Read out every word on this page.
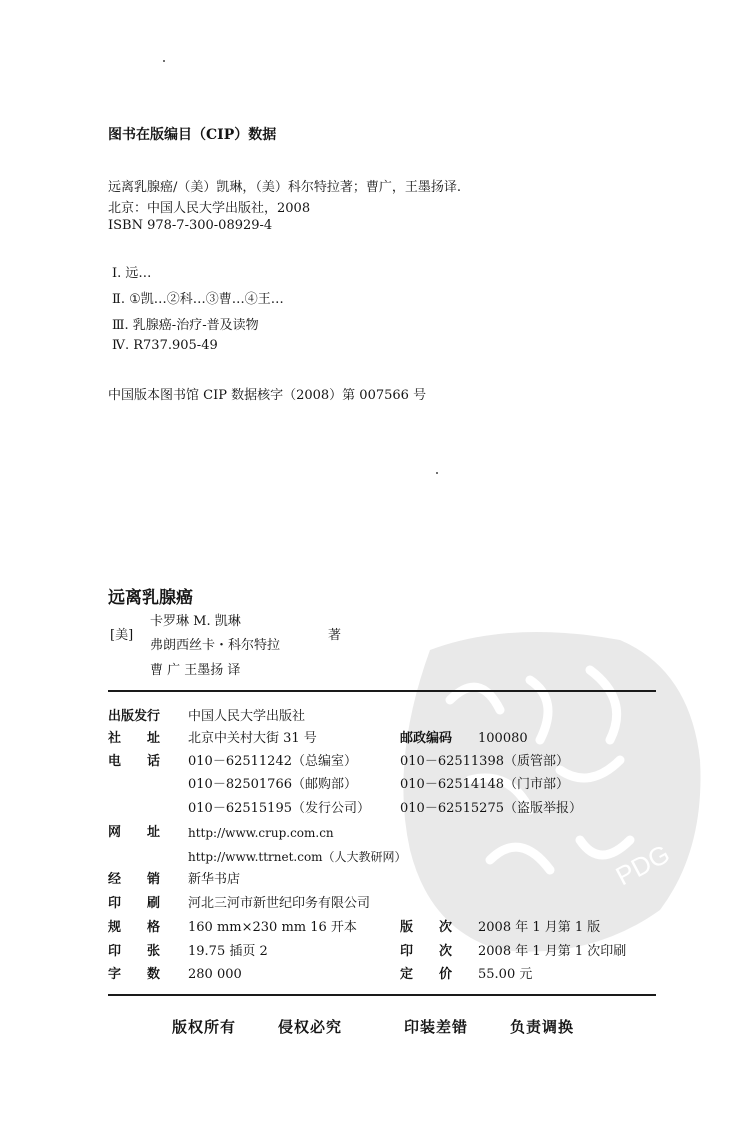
PDG
图书在版编目（CIP）数据
远离乳腺癌/（美）凯琳，（美）科尔特拉著；曹广，王墨扬译.
北京：中国人民大学出版社，2008
ISBN 978-7-300-08929-4
Ⅰ. 远…
Ⅱ. ①凯…②科…③曹…④王…
Ⅲ. 乳腺癌-治疗-普及读物
Ⅳ. R737.905-49
中国版本图书馆 CIP 数据核字（2008）第 007566 号
远离乳腺癌
[美]
卡罗琳 M. 凯琳
弗朗西丝卡・科尔特拉
著
曹 广 王墨扬 译
出版发行 中国人民大学出版社
社　　址 北京中关村大街 31 号	邮政编码 100080
电　　话 010－62511242（总编室）	010－62511398（质管部）
010－82501766（邮购部）	010－62514148（门市部）
010－62515195（发行公司） 010－62515275（盗版举报）
网　　址 http://www.crup.com.cn
http://www.ttrnet.com（人大教研网）
经　　销 新华书店
印　　刷 河北三河市新世纪印务有限公司
规　　格 160 mm×230 mm 16 开本	版　　次 2008 年 1 月第 1 版
印　　张 19.75 插页 2	印　　次 2008 年 1 月第 1 次印刷
字　　数 280 000	定　　价 55.00 元
版权所有	侵权必究	印装差错	负责调换
